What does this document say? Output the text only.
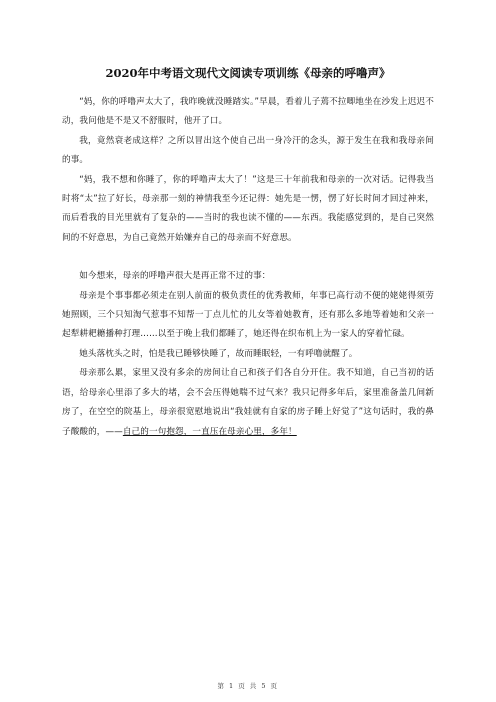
2020年中考语文现代文阅读专项训练《母亲的呼噜声》

“妈，你的呼噜声太大了，我昨晚就没睡踏实。”早晨，看着儿子蔫不拉唧地坐在沙发上迟迟不动，我问他是不是又不舒服时，他开了口。

我，竟然衰老成这样？之所以冒出这个使自己出一身冷汗的念头，源于发生在我和我母亲间的事。

“妈，我不想和你睡了，你的呼噜声太大了！”这是三十年前我和母亲的一次对话。记得我当时将“太”拉了好长，母亲那一刻的神情我至今还记得：她先是一愣，愣了好长时间才回过神来，而后看我的目光里就有了复杂的——当时的我也读不懂的——东西。我能感觉到的，是自己突然间的不好意思，为自己竟然开始嫌弃自己的母亲而不好意思。

如今想来，母亲的呼噜声很大是再正常不过的事：

母亲是个事事都必须走在别人前面的极负责任的优秀教师，年事已高行动不便的姥姥得须劳她照顾，三个只知淘气惹事不知帮一丁点儿忙的儿女等着她教育，还有那么多地等着她和父亲一起犁耕耙耱播种打理……以至于晚上我们都睡了，她还得在织布机上为一家人的穿着忙碌。

她头落枕头之时，怕是我已睡够快睡了，故而睡眠轻，一有呼噜就醒了。

母亲那么累，家里又没有多余的房间让自己和孩子们各自分开住。我不知道，自己当初的话语，给母亲心里添了多大的堵，会不会压得她喘不过气来？我只记得多年后，家里准备盖几间新房了，在空空的院基上，母亲很宽慰地说出“我娃就有自家的房子睡上好觉了”这句话时，我的鼻子酸酸的，——自己的一句抱怨，一直压在母亲心里，多年！

第 1 页 共 5 页
